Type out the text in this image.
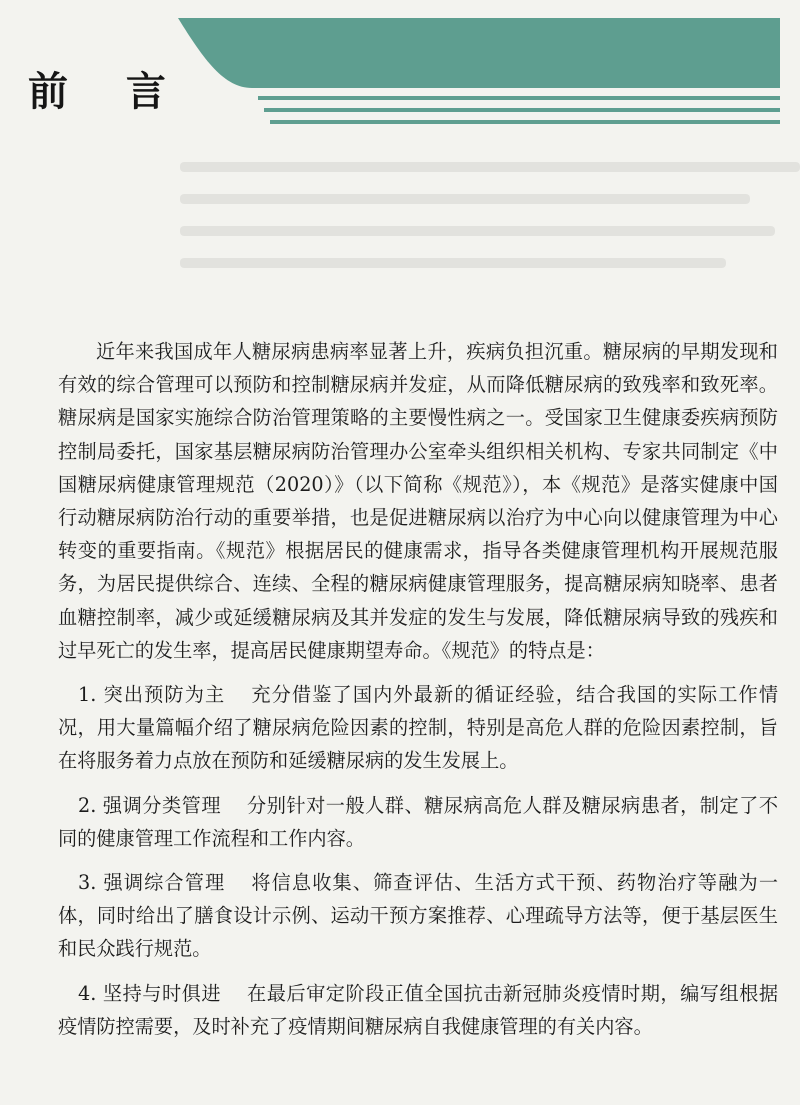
前 言

近年来我国成年人糖尿病患病率显著上升，疾病负担沉重。糖尿病的早期发现和有效的综合管理可以预防和控制糖尿病并发症，从而降低糖尿病的致残率和致死率。糖尿病是国家实施综合防治管理策略的主要慢性病之一。受国家卫生健康委疾病预防控制局委托，国家基层糖尿病防治管理办公室牵头组织相关机构、专家共同制定《中国糖尿病健康管理规范（2020）》（以下简称《规范》），本《规范》是落实健康中国行动糖尿病防治行动的重要举措，也是促进糖尿病以治疗为中心向以健康管理为中心转变的重要指南。《规范》根据居民的健康需求，指导各类健康管理机构开展规范服务，为居民提供综合、连续、全程的糖尿病健康管理服务，提高糖尿病知晓率、患者血糖控制率，减少或延缓糖尿病及其并发症的发生与发展，降低糖尿病导致的残疾和过早死亡的发生率，提高居民健康期望寿命。《规范》的特点是：

1. 突出预防为主 充分借鉴了国内外最新的循证经验，结合我国的实际工作情况，用大量篇幅介绍了糖尿病危险因素的控制，特别是高危人群的危险因素控制，旨在将服务着力点放在预防和延缓糖尿病的发生发展上。

2. 强调分类管理 分别针对一般人群、糖尿病高危人群及糖尿病患者，制定了不同的健康管理工作流程和工作内容。

3. 强调综合管理 将信息收集、筛查评估、生活方式干预、药物治疗等融为一体，同时给出了膳食设计示例、运动干预方案推荐、心理疏导方法等，便于基层医生和民众践行规范。

4. 坚持与时俱进 在最后审定阶段正值全国抗击新冠肺炎疫情时期，编写组根据疫情防控需要，及时补充了疫情期间糖尿病自我健康管理的有关内容。
